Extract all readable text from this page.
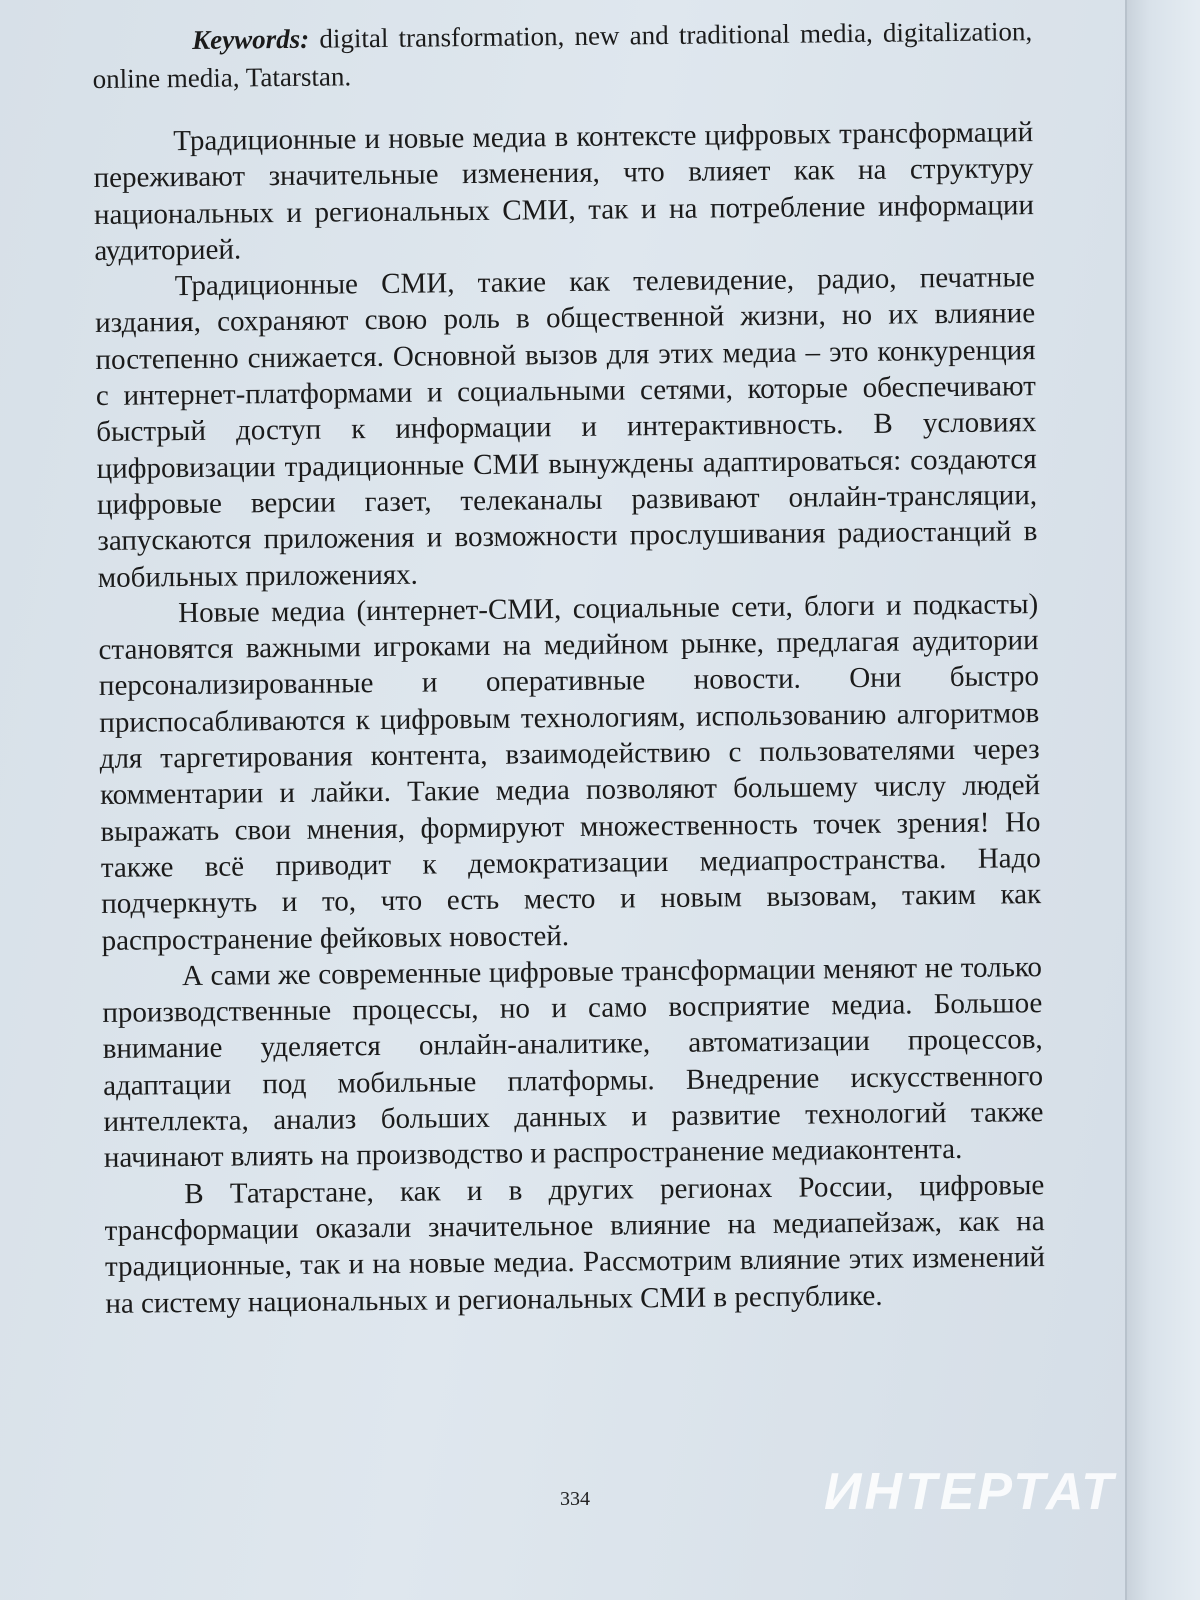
Keywords: digital transformation, new and traditional media, digitalization, online media, Tatarstan.

Традиционные и новые медиа в контексте цифровых трансформаций переживают значительные изменения, что влияет как на структуру национальных и региональных СМИ, так и на потребление информации аудиторией.

Традиционные СМИ, такие как телевидение, радио, печатные издания, сохраняют свою роль в общественной жизни, но их влияние постепенно снижается. Основной вызов для этих медиа – это конкуренция с интернет-платформами и социальными сетями, которые обеспечивают быстрый доступ к информации и интерактивность. В условиях цифровизации традиционные СМИ вынуждены адаптироваться: создаются цифровые версии газет, телеканалы развивают онлайн-трансляции, запускаются приложения и возможности прослушивания радиостанций в мобильных приложениях.

Новые медиа (интернет-СМИ, социальные сети, блоги и подкасты) становятся важными игроками на медийном рынке, предлагая аудитории персонализированные и оперативные новости. Они быстро приспосабливаются к цифровым технологиям, использованию алгоритмов для таргетирования контента, взаимодействию с пользователями через комментарии и лайки. Такие медиа позволяют большему числу людей выражать свои мнения, формируют множественность точек зрения! Но также всё приводит к демократизации медиапространства. Надо подчеркнуть и то, что есть место и новым вызовам, таким как распространение фейковых новостей.

А сами же современные цифровые трансформации меняют не только производственные процессы, но и само восприятие медиа. Большое внимание уделяется онлайн-аналитике, автоматизации процессов, адаптации под мобильные платформы. Внедрение искусственного интеллекта, анализ больших данных и развитие технологий также начинают влиять на производство и распространение медиаконтента.

В Татарстане, как и в других регионах России, цифровые трансформации оказали значительное влияние на медиапейзаж, как на традиционные, так и на новые медиа. Рассмотрим влияние этих изменений на систему национальных и региональных СМИ в республике.

334	ИНТЕРТАТ
